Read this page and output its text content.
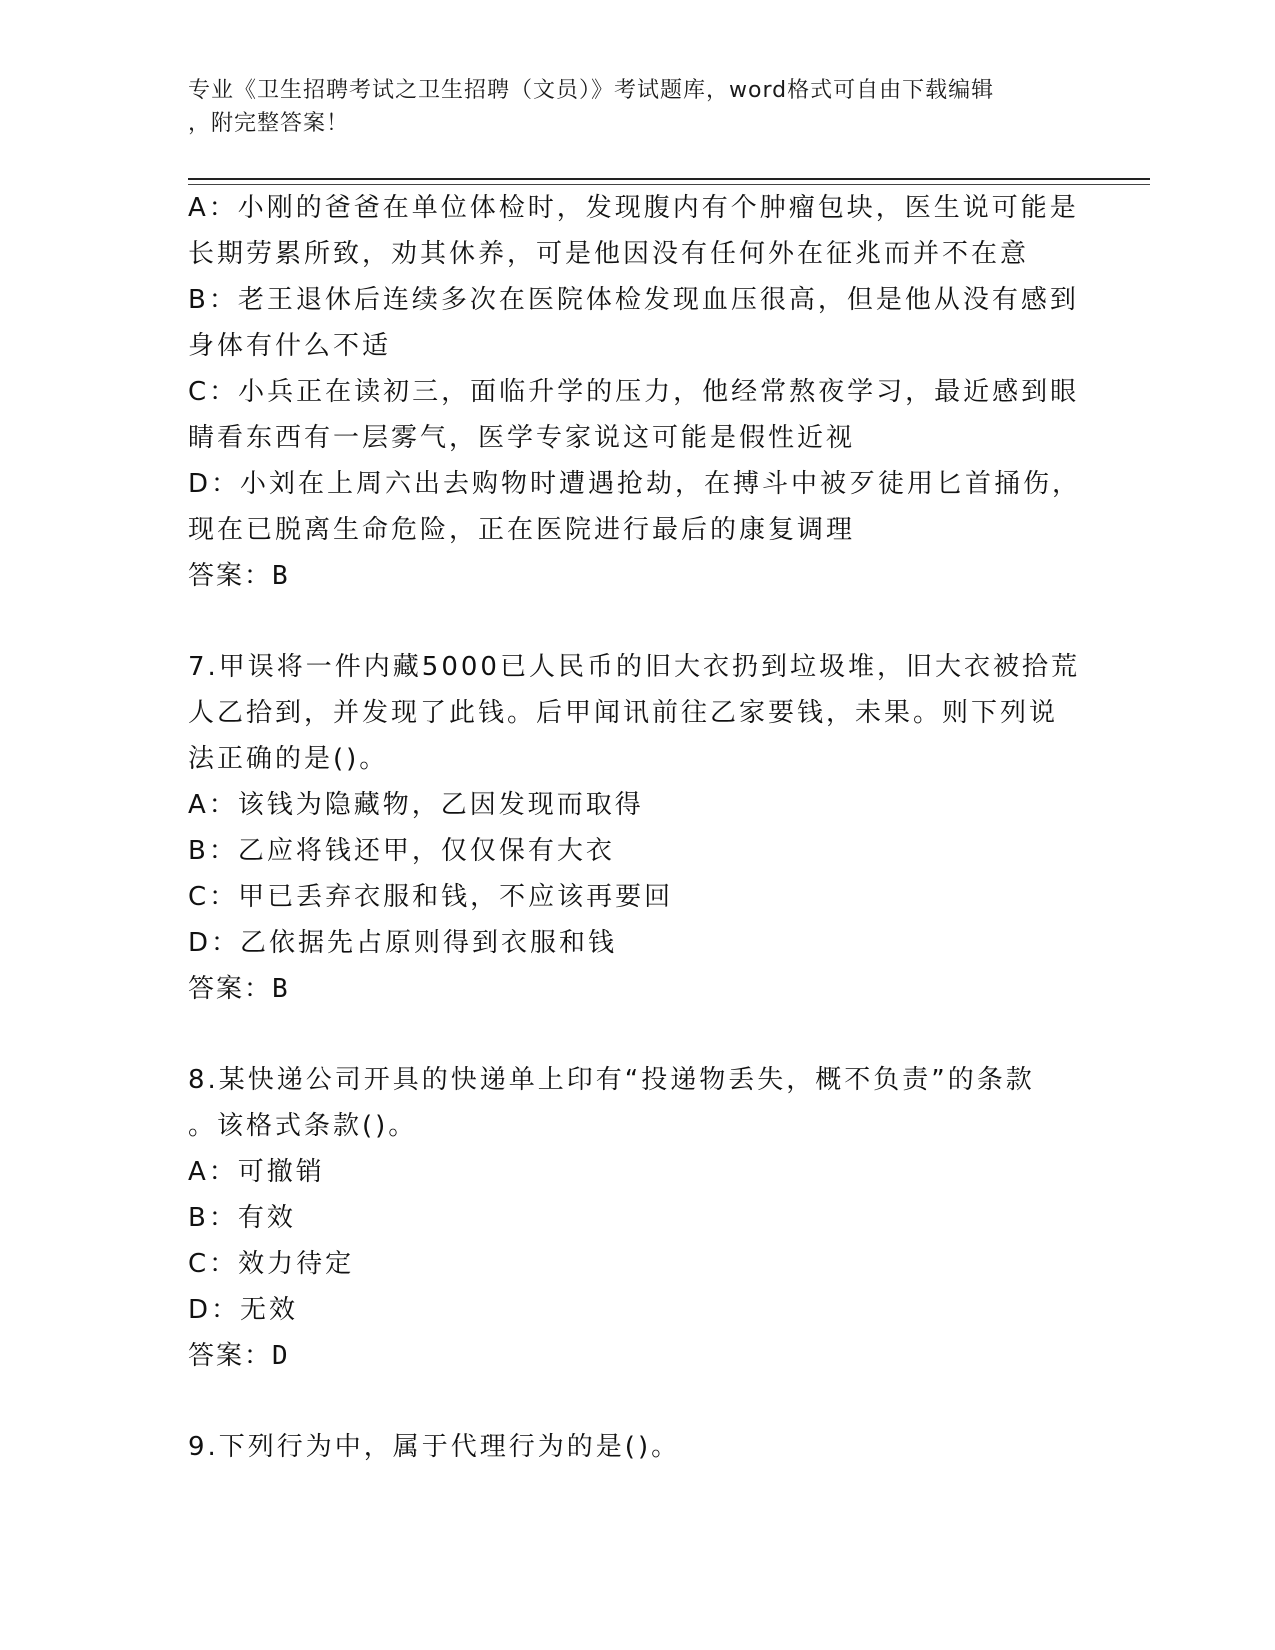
专业《卫生招聘考试之卫生招聘（文员）》考试题库，word格式可自由下载编辑
，附完整答案！

A：小刚的爸爸在单位体检时，发现腹内有个肿瘤包块，医生说可能是

长期劳累所致，劝其休养，可是他因没有任何外在征兆而并不在意

B：老王退休后连续多次在医院体检发现血压很高，但是他从没有感到

身体有什么不适

C：小兵正在读初三，面临升学的压力，他经常熬夜学习，最近感到眼

睛看东西有一层雾气，医学专家说这可能是假性近视

D：小刘在上周六出去购物时遭遇抢劫，在搏斗中被歹徒用匕首捅伤，

现在已脱离生命危险，正在医院进行最后的康复调理

答案：B

7.甲误将一件内藏5000已人民币的旧大衣扔到垃圾堆，旧大衣被拾荒

人乙拾到，并发现了此钱。后甲闻讯前往乙家要钱，未果。则下列说

法正确的是()。

A：该钱为隐藏物，乙因发现而取得

B：乙应将钱还甲，仅仅保有大衣

C：甲已丢弃衣服和钱，不应该再要回

D：乙依据先占原则得到衣服和钱

答案：B

8.某快递公司开具的快递单上印有“投递物丢失，概不负责”的条款

。该格式条款()。

A：可撤销

B：有效

C：效力待定

D：无效

答案：D

9.下列行为中，属于代理行为的是()。
